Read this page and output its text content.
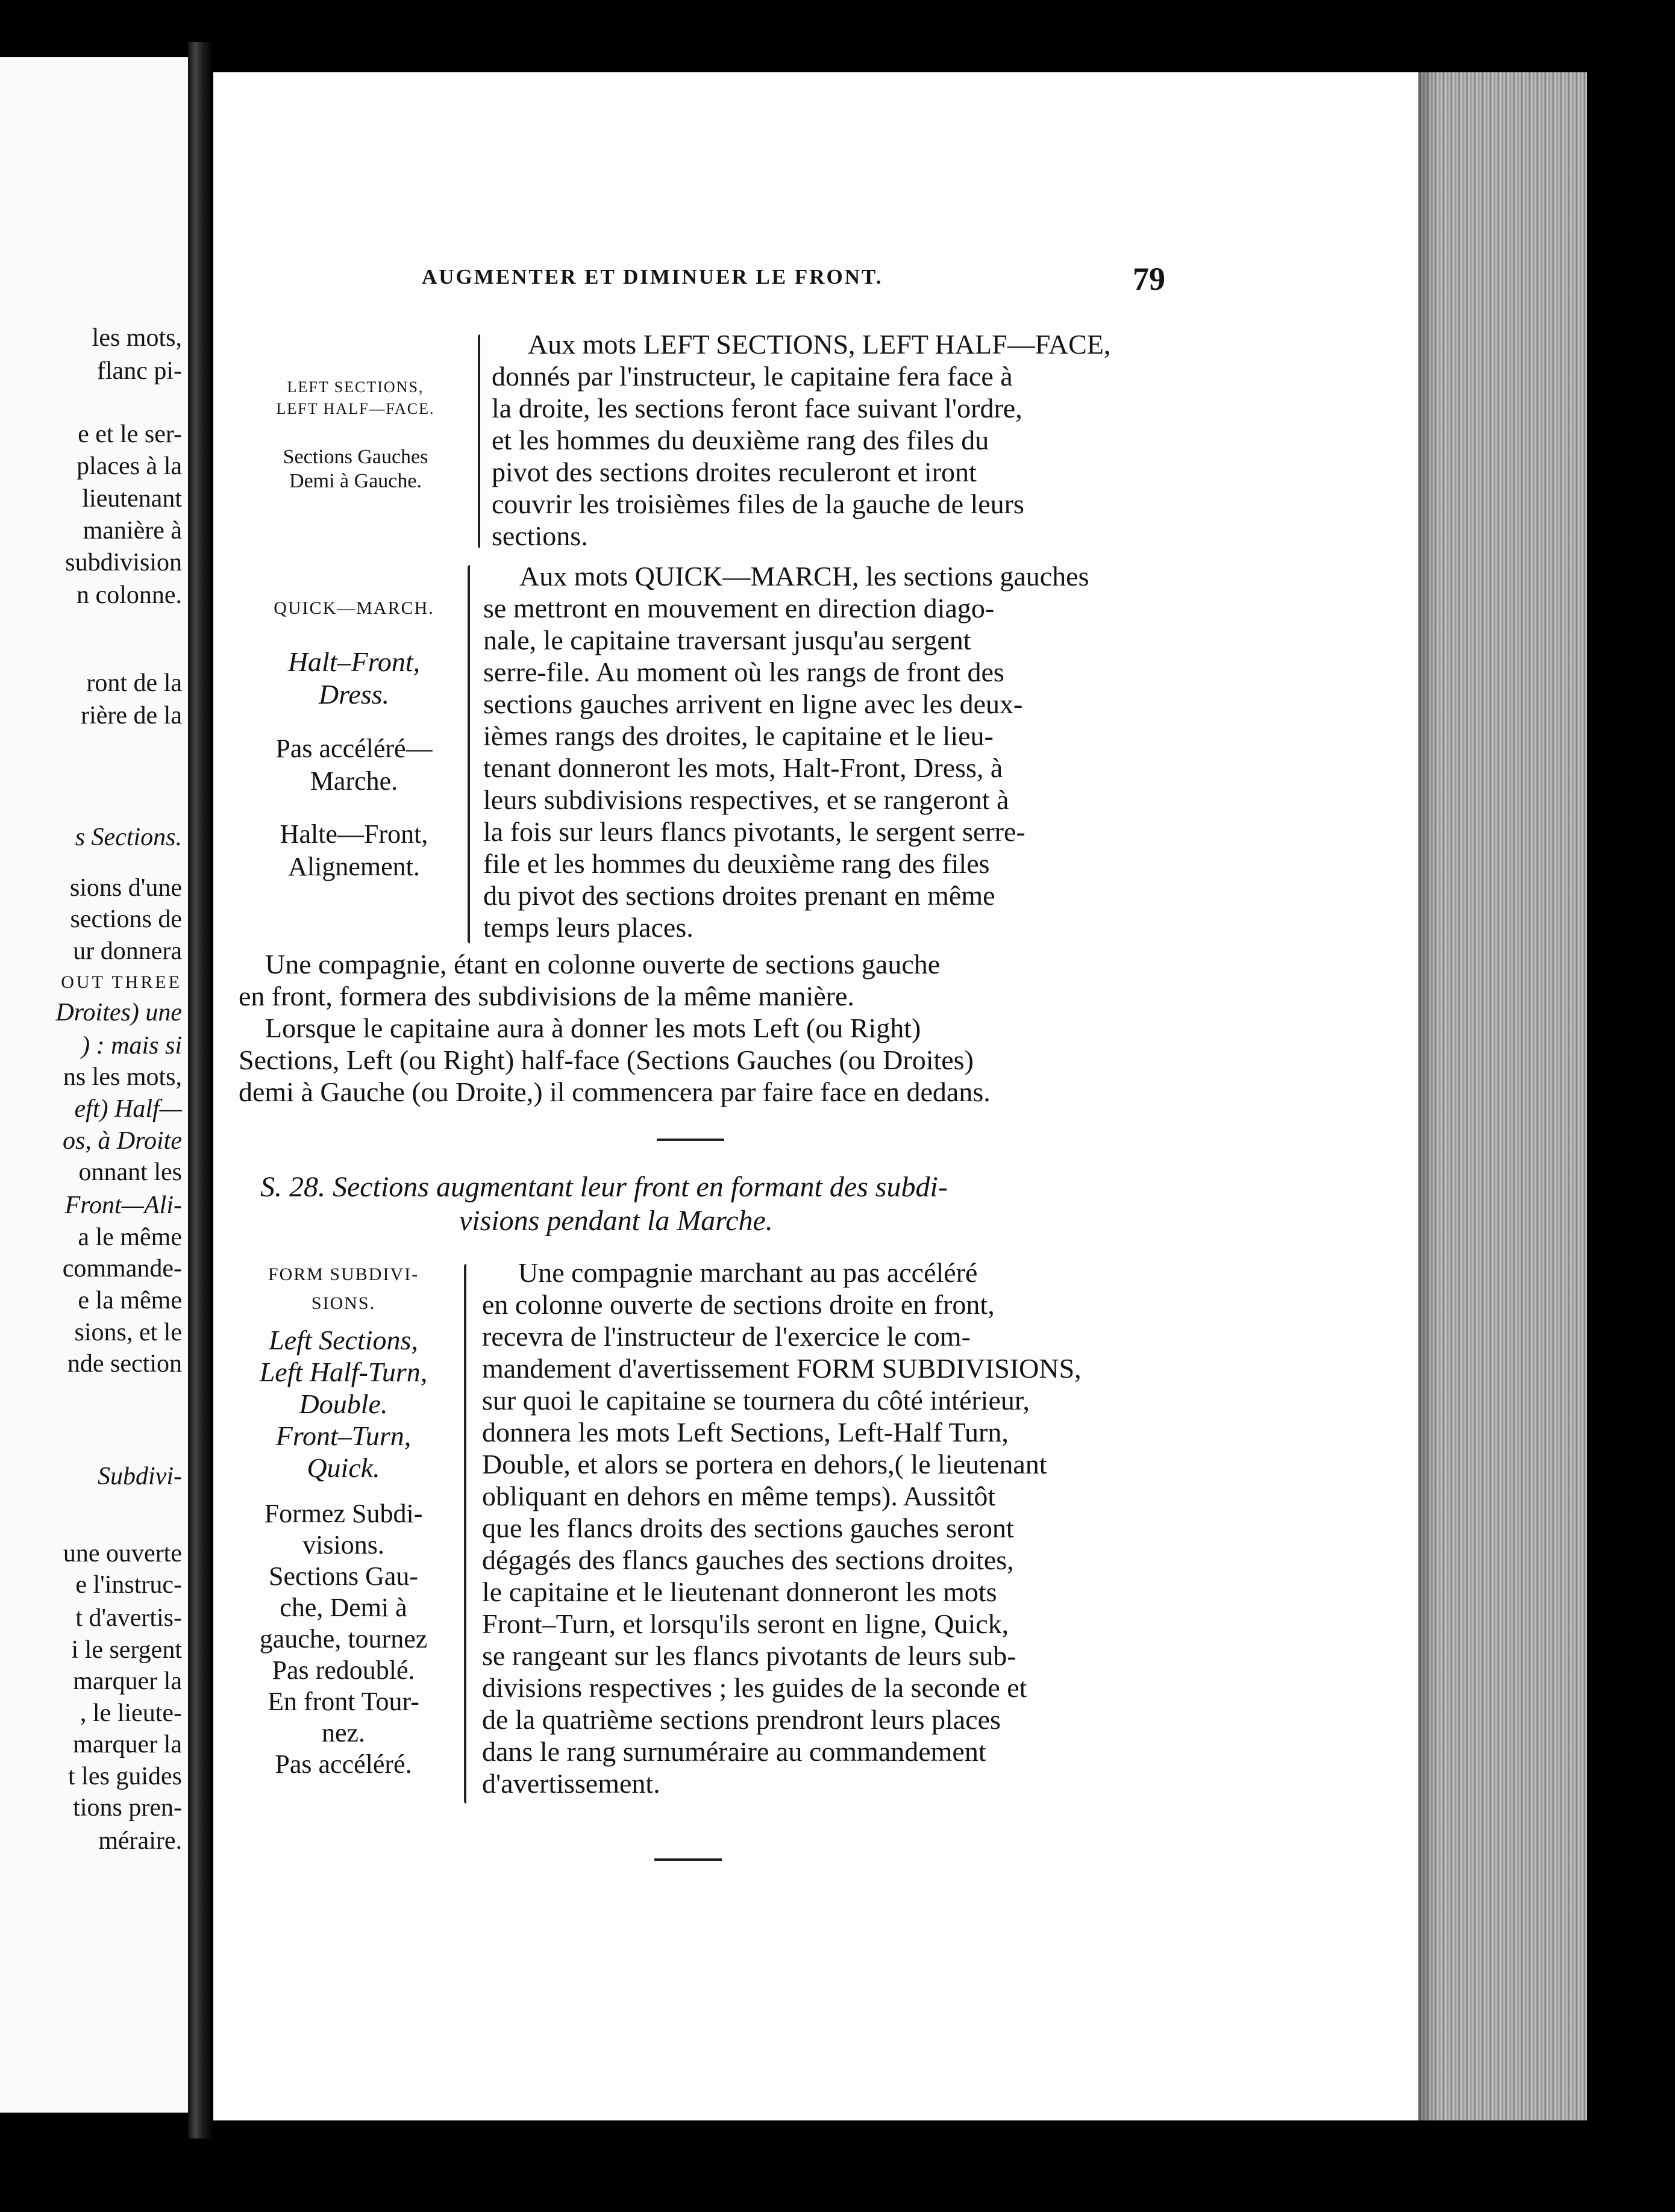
les mots,
flanc pi-
e et le ser-
places à la
lieutenant
manière à
subdivision
n colonne.
ront de la
rière de la
s Sections.
sions d'une
sections de
ur donnera
OUT THREE
Droites) une
) : mais si
ns les mots,
eft) Half—
os, à Droite
onnant les
Front—Ali-
a le même
commande-
e la même
sions, et le
nde section
Subdivi-
une ouverte
e l'instruc-
t d'avertis-
i le sergent
marquer la
, le lieute-
marquer la
t les guides
tions pren-
méraire.
AUGMENTER ET DIMINUER LE FRONT.	79
LEFT SECTIONS,
LEFT HALF—FACE.
Sections Gauches
Demi à Gauche.
Aux mots LEFT SECTIONS, LEFT HALF—FACE,
donnés par l'instructeur, le capitaine fera face à
la droite, les sections feront face suivant l'ordre,
et les hommes du deuxième rang des files du
pivot des sections droites reculeront et iront
couvrir les troisièmes files de la gauche de leurs
sections.
QUICK—MARCH.
Halt–Front,
Dress.
Pas accéléré—
Marche.
Halte—Front,
Alignement.
Aux mots QUICK—MARCH, les sections gauches
se mettront en mouvement en direction diago-
nale, le capitaine traversant jusqu'au sergent
serre-file. Au moment où les rangs de front des
sections gauches arrivent en ligne avec les deux-
ièmes rangs des droites, le capitaine et le lieu-
tenant donneront les mots, Halt-Front, Dress, à
leurs subdivisions respectives, et se rangeront à
la fois sur leurs flancs pivotants, le sergent serre-
file et les hommes du deuxième rang des files
du pivot des sections droites prenant en même
temps leurs places.
Une compagnie, étant en colonne ouverte de sections gauche
en front, formera des subdivisions de la même manière.
Lorsque le capitaine aura à donner les mots Left (ou Right)
Sections, Left (ou Right) half-face (Sections Gauches (ou Droites)
demi à Gauche (ou Droite,) il commencera par faire face en dedans.
S. 28. Sections augmentant leur front en formant des subdi-
visions pendant la Marche.
FORM SUBDIVI-
SIONS.
Left Sections,
Left Half-Turn,
Double.
Front–Turn,
Quick.
Formez Subdi-
visions.
Sections Gau-
che, Demi à
gauche, tournez
Pas redoublé.
En front Tour-
nez.
Pas accéléré.
Une compagnie marchant au pas accéléré
en colonne ouverte de sections droite en front,
recevra de l'instructeur de l'exercice le com-
mandement d'avertissement FORM SUBDIVISIONS,
sur quoi le capitaine se tournera du côté intérieur,
donnera les mots Left Sections, Left-Half Turn,
Double, et alors se portera en dehors,( le lieutenant
obliquant en dehors en même temps). Aussitôt
que les flancs droits des sections gauches seront
dégagés des flancs gauches des sections droites,
le capitaine et le lieutenant donneront les mots
Front–Turn, et lorsqu'ils seront en ligne, Quick,
se rangeant sur les flancs pivotants de leurs sub-
divisions respectives ; les guides de la seconde et
de la quatrième sections prendront leurs places
dans le rang surnuméraire au commandement
d'avertissement.
